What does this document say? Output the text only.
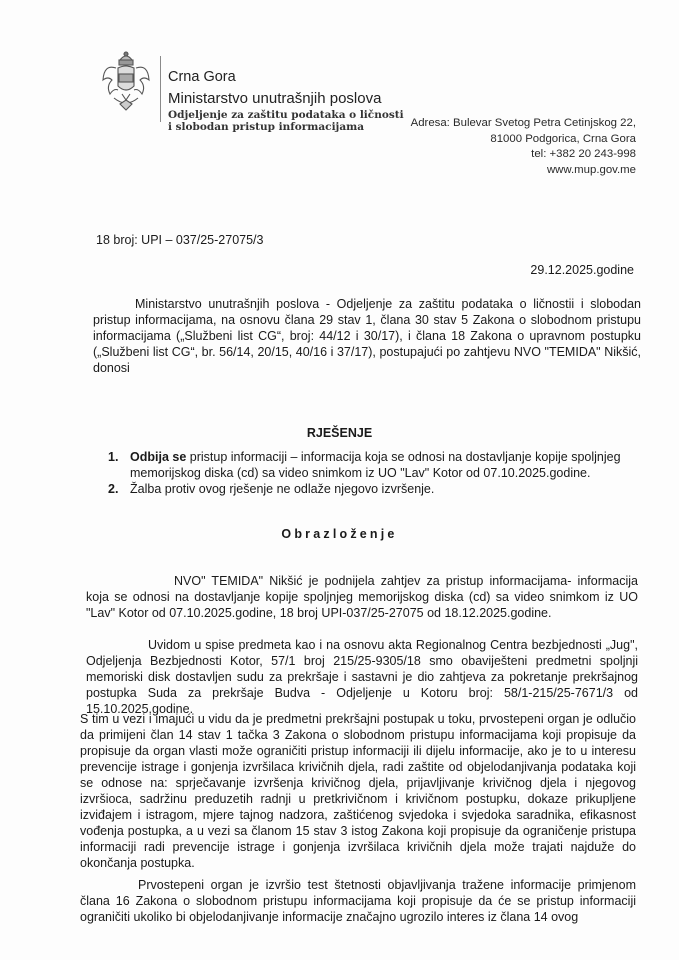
Crna Gora
Ministarstvo unutrašnjih poslova
Odjeljenje za zaštitu podataka o ličnosti
i slobodan pristup informacijama	Adresa: Bulevar Svetog Petra Cetinjskog 22,
81000 Podgorica, Crna Gora
tel: +382 20 243-998
www.mup.gov.me
18 broj: UPI – 037/25-27075/3
29.12.2025.godine
Ministarstvo unutrašnjih poslova - Odjeljenje za zaštitu podataka o ličnostii i slobodan pristup informacijama, na osnovu člana 29 stav 1, člana 30 stav 5 Zakona o slobodnom pristupu informacijama („Službeni list CG“, broj: 44/12 i 30/17), i člana 18 Zakona o upravnom postupku („Službeni list CG“, br. 56/14, 20/15, 40/16 i 37/17), postupajući po zahtjevu NVO "TEMIDA" Nikšić, donosi
RJEŠENJE
1. Odbija se pristup informaciji – informacija koja se odnosi na dostavljanje kopije spoljnjeg memorijskog diska (cd) sa video snimkom iz UO "Lav" Kotor od 07.10.2025.godine.
2. Žalba protiv ovog rješenje ne odlaže njegovo izvršenje.
Obrazloženje
NVO" TEMIDA" Nikšić je podnijela zahtjev za pristup informacijama- informacija koja se odnosi na dostavljanje kopije spoljnjeg memorijskog diska (cd) sa video snimkom iz UO "Lav" Kotor od 07.10.2025.godine, 18 broj UPI-037/25-27075 od 18.12.2025.godine.
Uvidom u spise predmeta kao i na osnovu akta Regionalnog Centra bezbjednosti „Jug", Odjeljenja Bezbjednosti Kotor, 57/1 broj 215/25-9305/18 smo obaviješteni predmetni spoljnji memoriski disk dostavljen sudu za prekršaje i sastavni je dio zahtjeva za pokretanje prekršajnog postupka Suda za prekršaje Budva - Odjeljenje u Kotoru broj: 58/1-215/25-7671/3 od 15.10.2025.godine.
S tim u vezi i imajući u vidu da je predmetni prekršajni postupak u toku, prvostepeni organ je odlučio da primijeni član 14 stav 1 tačka 3 Zakona o slobodnom pristupu informacijama koji propisuje da propisuje da organ vlasti može ograničiti pristup informaciji ili dijelu informacije, ako je to u interesu prevencije istrage i gonjenja izvršilaca krivičnih djela, radi zaštite od objelodanjivanja podataka koji se odnose na: sprječavanje izvršenja krivičnog djela, prijavljivanje krivičnog djela i njegovog izvršioca, sadržinu preduzetih radnji u pretkrivičnom i krivičnom postupku, dokaze prikupljene izviđajem i istragom, mjere tajnog nadzora, zaštićenog svjedoka i svjedoka saradnika, efikasnost vođenja postupka, a u vezi sa članom 15 stav 3 istog Zakona koji propisuje da ograničenje pristupa informaciji radi prevencije istrage i gonjenja izvršilaca krivičnih djela može trajati najduže do okončanja postupka.
Prvostepeni organ je izvršio test štetnosti objavljivanja tražene informacije primjenom člana 16 Zakona o slobodnom pristupu informacijama koji propisuje da će se pristup informaciji ograničiti ukoliko bi objelodanjivanje informacije značajno ugrozilo interes iz člana 14 ovog
